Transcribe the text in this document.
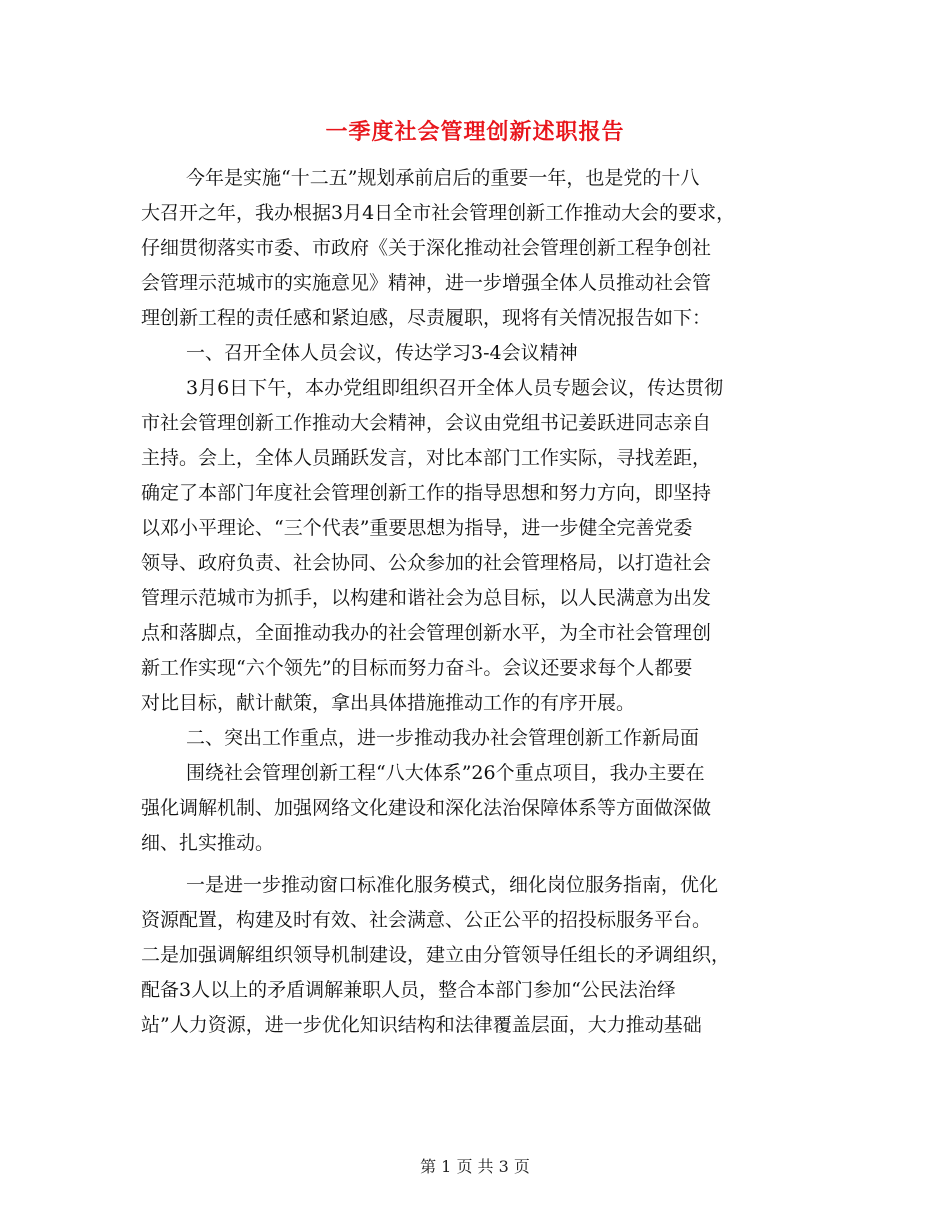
一季度社会管理创新述职报告
今年是实施“十二五”规划承前启后的重要一年，也是党的十八
大召开之年，我办根据3月4日全市社会管理创新工作推动大会的要求，
仔细贯彻落实市委、市政府《关于深化推动社会管理创新工程争创社
会管理示范城市的实施意见》精神，进一步增强全体人员推动社会管
理创新工程的责任感和紧迫感，尽责履职，现将有关情况报告如下：
一、召开全体人员会议，传达学习3-4会议精神
3月6日下午，本办党组即组织召开全体人员专题会议，传达贯彻
市社会管理创新工作推动大会精神，会议由党组书记姜跃进同志亲自
主持。会上，全体人员踊跃发言，对比本部门工作实际，寻找差距，
确定了本部门年度社会管理创新工作的指导思想和努力方向，即坚持
以邓小平理论、“三个代表”重要思想为指导，进一步健全完善党委
领导、政府负责、社会协同、公众参加的社会管理格局，以打造社会
管理示范城市为抓手，以构建和谐社会为总目标，以人民满意为出发
点和落脚点，全面推动我办的社会管理创新水平，为全市社会管理创
新工作实现“六个领先”的目标而努力奋斗。会议还要求每个人都要
对比目标，献计献策，拿出具体措施推动工作的有序开展。
二、突出工作重点，进一步推动我办社会管理创新工作新局面
围绕社会管理创新工程“八大体系”26个重点项目，我办主要在
强化调解机制、加强网络文化建设和深化法治保障体系等方面做深做
细、扎实推动。
一是进一步推动窗口标准化服务模式，细化岗位服务指南，优化
资源配置，构建及时有效、社会满意、公正公平的招投标服务平台。
二是加强调解组织领导机制建设，建立由分管领导任组长的矛调组织，
配备3人以上的矛盾调解兼职人员，整合本部门参加“公民法治绎
站”人力资源，进一步优化知识结构和法律覆盖层面，大力推动基础
第 1 页 共 3 页
